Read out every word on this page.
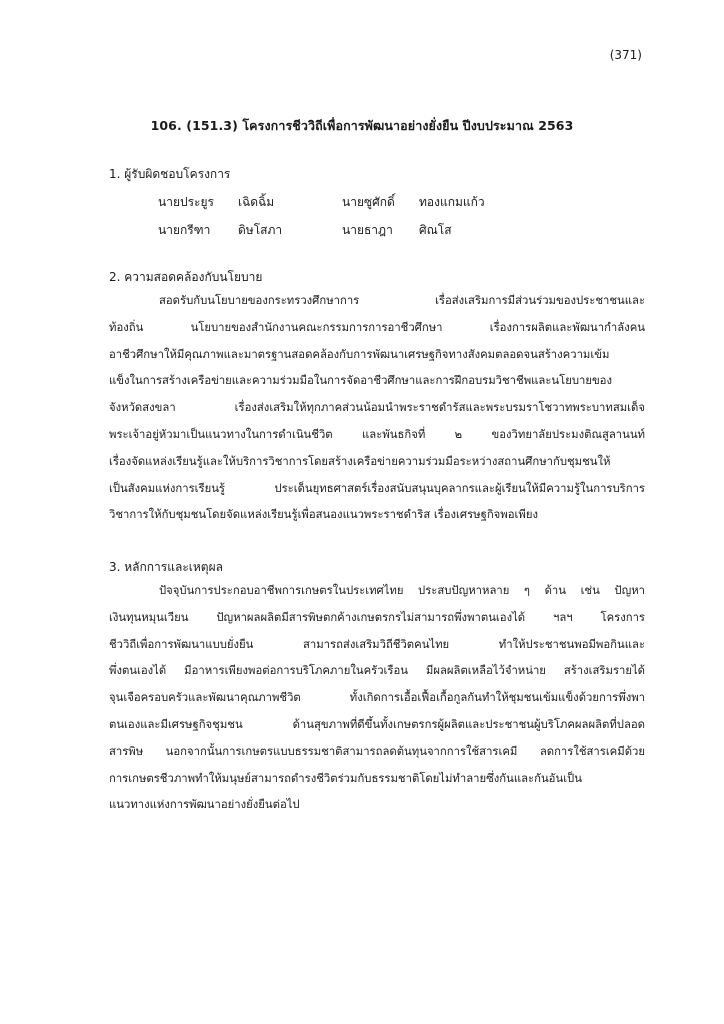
(371)
106. (151.3) โครงการชีววิถีเพื่อการพัฒนาอย่างยั่งยืน ปีงบประมาณ 2563
1. ผู้รับผิดชอบโครงการ
นายประยูร เฉิดฉิ้ม	นายซูศักดิ์ ทองแกมแก้ว
นายกรีฑา ดิษโสภา	นายธาฎา ศิณโส
2. ความสอดคล้องกับนโยบาย
สอดรับกับนโยบายของกระทรวงศึกษาการ เรื่อส่งเสริมการมีส่วนร่วมของประชาชนและ
ท้องถิ่น นโยบายของสำนักงานคณะกรรมการการอาชีวศึกษา เรื่องการผลิตและพัฒนากำลังคน
อาชีวศึกษาให้มีคุณภาพและมาตรฐานสอดคล้องกับการพัฒนาเศรษฐกิจทางสังคมตลอดจนสร้างความเข้ม
แข็งในการสร้างเครือข่ายและความร่วมมือในการจัดอาชีวศึกษาและการฝึกอบรมวิชาชีพและนโยบายของ
จังหวัดสงขลา เรื่องส่งเสริมให้ทุกภาคส่วนน้อมนำพระราชดำรัสและพระบรมราโชวาทพระบาทสมเด็จ
พระเจ้าอยู่หัวมาเป็นแนวทางในการดำเนินชีวิต และพันธกิจที่ ๒ ของวิทยาลัยประมงติณสูลานนท์
เรื่องจัดแหล่งเรียนรู้และให้บริการวิชาการโดยสร้างเครือข่ายความร่วมมือระหว่างสถานศึกษากับชุมชนให้
เป็นสังคมแห่งการเรียนรู้ ประเด็นยุทธศาสตร์เรื่องสนับสนุนบุคลากรและผู้เรียนให้มีความรู้ในการบริการ
วิชาการให้กับชุมชนโดยจัดแหล่งเรียนรู้เพื่อสนองแนวพระราชดำริส เรื่องเศรษฐกิจพอเพียง
3. หลักการและเหตุผล
ปัจจุบันการประกอบอาชีพการเกษตรในประเทศไทย ประสบปัญหาหลาย ๆ ด้าน เช่น ปัญหา
เงินทุนหมุนเวียน ปัญหาผลผลิตมีสารพิษตกค้างเกษตรกรไม่สามารถพึ่งพาตนเองได้ ฯลฯ โครงการ
ชีววิถีเพื่อการพัฒนาแบบยั่งยืน สามารถส่งเสริมวิถีชีวิตคนไทย ทำให้ประชาชนพอมีพอกินและ
พึ่งตนเองได้ มีอาหารเพียงพอต่อการบริโภคภายในครัวเรือน มีผลผลิตเหลือไว้จำหน่าย สร้างเสริมรายได้
จุนเจือครอบครัวและพัฒนาคุณภาพชีวิต ทั้งเกิดการเอื้อเฟื้อเกื้อกูลกันทำให้ชุมชนเข้มแข็งด้วยการพึ่งพา
ตนเองและมีเศรษฐกิจชุมชน ด้านสุขภาพที่ดีขึ้นทั้งเกษตรกรผู้ผลิตและประชาชนผู้บริโภคผลผลิตที่ปลอด
สารพิษ นอกจากนั้นการเกษตรแบบธรรมชาติสามารถลดต้นทุนจากการใช้สารเคมี ลดการใช้สารเคมีด้วย
การเกษตรชีวภาพทำให้มนุษย์สามารถดำรงชีวิตร่วมกับธรรมชาติโดยไม่ทำลายซึ่งกันและกันอันเป็น
แนวทางแห่งการพัฒนาอย่างยั่งยืนต่อไป
